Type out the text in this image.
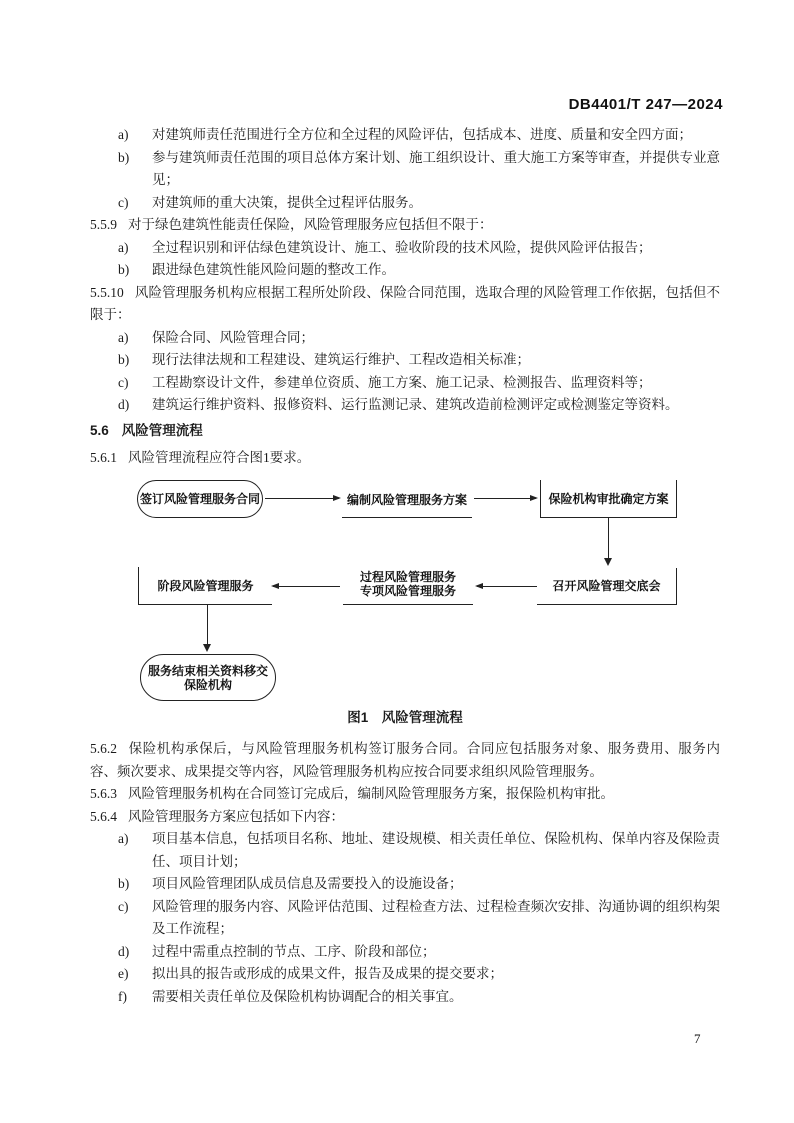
DB4401/T 247—2024
a) 对建筑师责任范围进行全方位和全过程的风险评估，包括成本、进度、质量和安全四方面；
b) 参与建筑师责任范围的项目总体方案计划、施工组织设计、重大施工方案等审查，并提供专业意见；
c) 对建筑师的重大决策，提供全过程评估服务。
5.5.9 对于绿色建筑性能责任保险，风险管理服务应包括但不限于：
a) 全过程识别和评估绿色建筑设计、施工、验收阶段的技术风险，提供风险评估报告；
b) 跟进绿色建筑性能风险问题的整改工作。
5.5.10 风险管理服务机构应根据工程所处阶段、保险合同范围，选取合理的风险管理工作依据，包括但不限于：
a) 保险合同、风险管理合同；
b) 现行法律法规和工程建设、建筑运行维护、工程改造相关标准；
c) 工程勘察设计文件，参建单位资质、施工方案、施工记录、检测报告、监理资料等；
d) 建筑运行维护资料、报修资料、运行监测记录、建筑改造前检测评定或检测鉴定等资料。
5.6 风险管理流程
5.6.1 风险管理流程应符合图1要求。
签订风险管理服务合同	编制风险管理服务方案	保险机构审批确定方案
召开风险管理交底会
过程风险管理服务
专项风险管理服务
阶段风险管理服务
服务结束相关资料移交
保险机构
图1　风险管理流程
5.6.2 保险机构承保后，与风险管理服务机构签订服务合同。合同应包括服务对象、服务费用、服务内容、频次要求、成果提交等内容，风险管理服务机构应按合同要求组织风险管理服务。
5.6.3 风险管理服务机构在合同签订完成后，编制风险管理服务方案，报保险机构审批。
5.6.4 风险管理服务方案应包括如下内容：
a) 项目基本信息，包括项目名称、地址、建设规模、相关责任单位、保险机构、保单内容及保险责任、项目计划；
b) 项目风险管理团队成员信息及需要投入的设施设备；
c) 风险管理的服务内容、风险评估范围、过程检查方法、过程检查频次安排、沟通协调的组织构架及工作流程；
d) 过程中需重点控制的节点、工序、阶段和部位；
e) 拟出具的报告或形成的成果文件，报告及成果的提交要求；
f) 需要相关责任单位及保险机构协调配合的相关事宜。
7
